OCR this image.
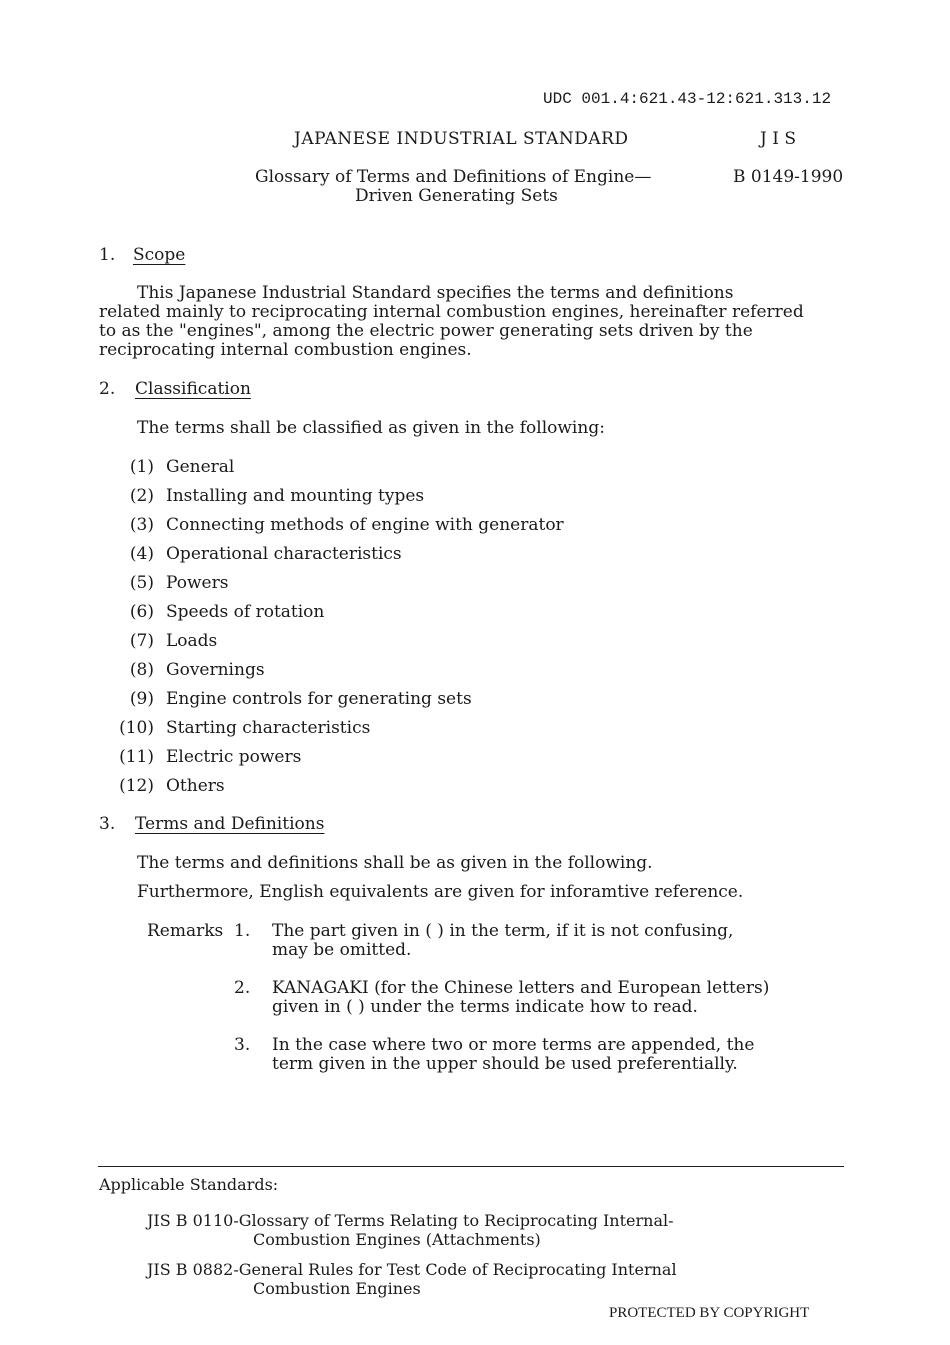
UDC 001.4:621.43-12:621.313.12
JAPANESE INDUSTRIAL STANDARD	J I S
Glossary of Terms and Definitions of Engine—
Driven Generating Sets
B 0149-1990
1. Scope
This Japanese Industrial Standard specifies the terms and definitions
related mainly to reciprocating internal combustion engines, hereinafter referred
to as the "engines", among the electric power generating sets driven by the
reciprocating internal combustion engines.
2. Classification
The terms shall be classified as given in the following:
(1) General
(2) Installing and mounting types
(3) Connecting methods of engine with generator
(4) Operational characteristics
(5) Powers
(6) Speeds of rotation
(7) Loads
(8) Governings
(9) Engine controls for generating sets
(10) Starting characteristics
(11) Electric powers
(12) Others
3. Terms and Definitions
The terms and definitions shall be as given in the following.
Furthermore, English equivalents are given for inforamtive reference.
Remarks 1. The part given in ( ) in the term, if it is not confusing,
may be omitted.
2. KANAGAKI (for the Chinese letters and European letters)
given in ( ) under the terms indicate how to read.
3. In the case where two or more terms are appended, the
term given in the upper should be used preferentially.
Applicable Standards:
JIS B 0110-Glossary of Terms Relating to Reciprocating Internal-
Combustion Engines (Attachments)
JIS B 0882-General Rules for Test Code of Reciprocating Internal
Combustion Engines
PROTECTED BY COPYRIGHT
